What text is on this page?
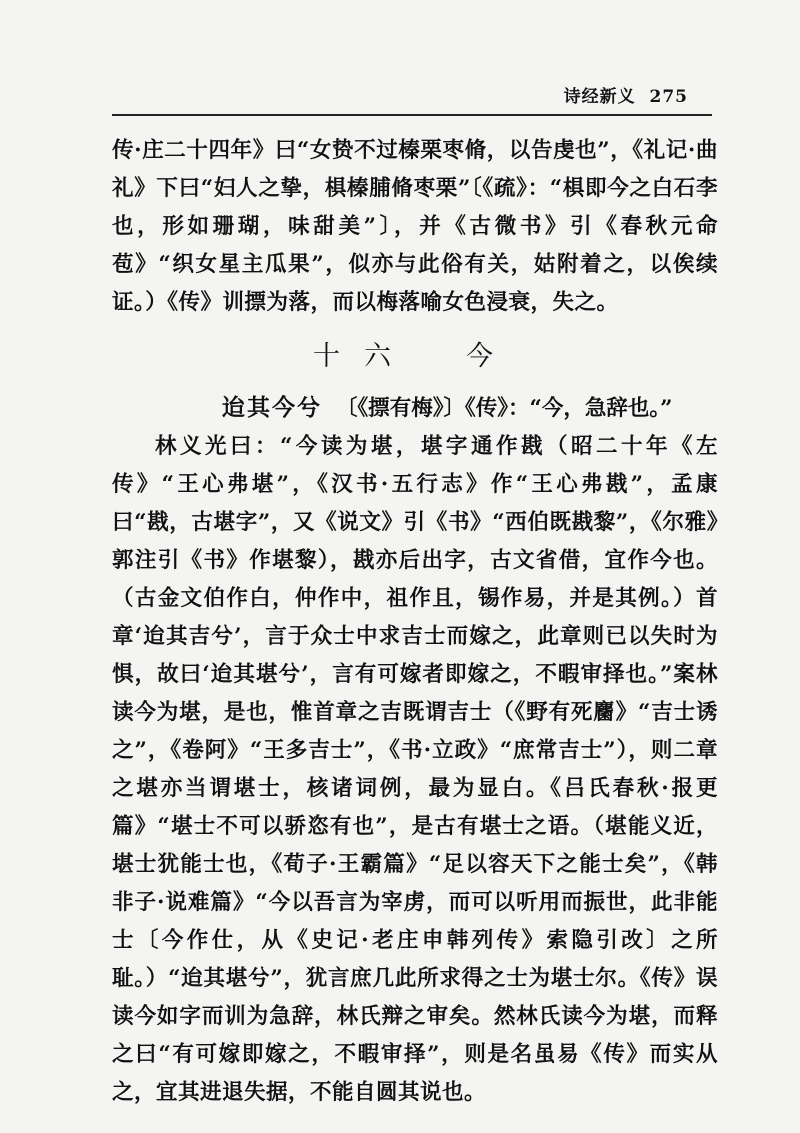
诗经新义 275

传·庄二十四年》曰“女贽不过榛栗枣脩，以告虔也”，《礼记·曲礼》下曰“妇人之挚，椇榛脯脩枣栗”〔《疏》：“椇即今之白石李也，形如珊瑚，味甜美”〕，并《古微书》引《春秋元命苞》“织女星主瓜果”，似亦与此俗有关，姑附着之，以俟续证。）《传》训摽为落，而以梅落喻女色浸衰，失之。

十六　今
迨其今兮 〔《摽有梅》〕《传》：“今，急辞也。”

林义光曰：“今读为堪，堪字通作戡（昭二十年《左传》“王心弗堪”，《汉书·五行志》作“王心弗戡”，孟康曰“戡，古堪字”，又《说文》引《书》“西伯既戡黎”，《尔雅》郭注引《书》作堪黎），戡亦后出字，古文省借，宜作今也。（古金文伯作白，仲作中，祖作且，锡作易，并是其例。）首章‘迨其吉兮’，言于众士中求吉士而嫁之，此章则已以失时为惧，故曰‘迨其堪兮’，言有可嫁者即嫁之，不暇审择也。”案林读今为堪，是也，惟首章之吉既谓吉士（《野有死麕》“吉士诱之”，《卷阿》“王多吉士”，《书·立政》“庶常吉士”），则二章之堪亦当谓堪士，核诸词例，最为显白。《吕氏春秋·报更篇》“堪士不可以骄恣有也”，是古有堪士之语。（堪能义近，堪士犹能士也，《荀子·王霸篇》“足以容天下之能士矣”，《韩非子·说难篇》“今以吾言为宰虏，而可以听用而振世，此非能士〔今作仕，从《史记·老庄申韩列传》索隐引改〕之所耻。）“迨其堪兮”，犹言庶几此所求得之士为堪士尔。《传》误读今如字而训为急辞，林氏辩之审矣。然林氏读今为堪，而释之曰“有可嫁即嫁之，不暇审择”，则是名虽易《传》而实从之，宜其进退失据，不能自圆其说也。
